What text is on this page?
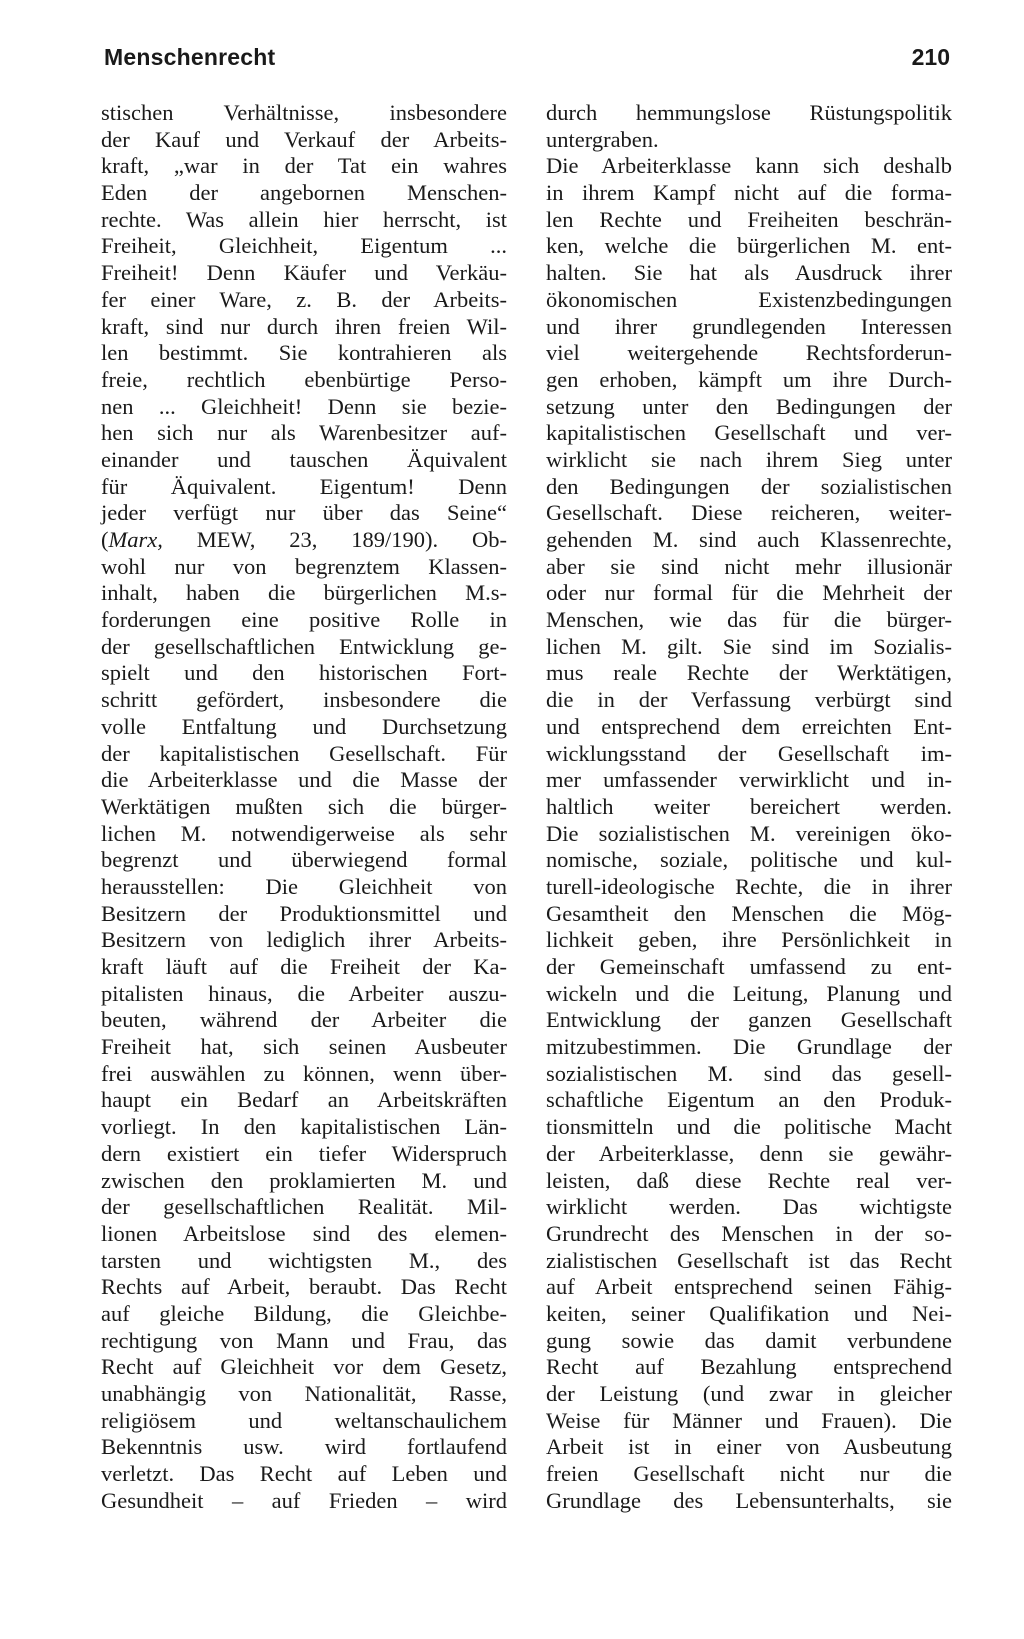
Menschenrecht	210
stischen Verhältnisse, insbesondere
der Kauf und Verkauf der Arbeits-
kraft, „war in der Tat ein wahres
Eden der angebornen Menschen-
rechte. Was allein hier herrscht, ist
Freiheit, Gleichheit, Eigentum ...
Freiheit! Denn Käufer und Verkäu-
fer einer Ware, z. B. der Arbeits-
kraft, sind nur durch ihren freien Wil-
len bestimmt. Sie kontrahieren als
freie, rechtlich ebenbürtige Perso-
nen ... Gleichheit! Denn sie bezie-
hen sich nur als Warenbesitzer auf-
einander und tauschen Äquivalent
für Äquivalent. Eigentum! Denn
jeder verfügt nur über das Seine“
(Marx, MEW, 23, 189/190). Ob-
wohl nur von begrenztem Klassen-
inhalt, haben die bürgerlichen M.s-
forderungen eine positive Rolle in
der gesellschaftlichen Entwicklung ge-
spielt und den historischen Fort-
schritt gefördert, insbesondere die
volle Entfaltung und Durchsetzung
der kapitalistischen Gesellschaft. Für
die Arbeiterklasse und die Masse der
Werktätigen mußten sich die bürger-
lichen M. notwendigerweise als sehr
begrenzt und überwiegend formal
herausstellen: Die Gleichheit von
Besitzern der Produktionsmittel und
Besitzern von lediglich ihrer Arbeits-
kraft läuft auf die Freiheit der Ka-
pitalisten hinaus, die Arbeiter auszu-
beuten, während der Arbeiter die
Freiheit hat, sich seinen Ausbeuter
frei auswählen zu können, wenn über-
haupt ein Bedarf an Arbeitskräften
vorliegt. In den kapitalistischen Län-
dern existiert ein tiefer Widerspruch
zwischen den proklamierten M. und
der gesellschaftlichen Realität. Mil-
lionen Arbeitslose sind des elemen-
tarsten und wichtigsten M., des
Rechts auf Arbeit, beraubt. Das Recht
auf gleiche Bildung, die Gleichbe-
rechtigung von Mann und Frau, das
Recht auf Gleichheit vor dem Gesetz,
unabhängig von Nationalität, Rasse,
religiösem und weltanschaulichem
Bekenntnis usw. wird fortlaufend
verletzt. Das Recht auf Leben und
Gesundheit – auf Frieden – wird
durch hemmungslose Rüstungspolitik
untergraben.
Die Arbeiterklasse kann sich deshalb
in ihrem Kampf nicht auf die forma-
len Rechte und Freiheiten beschrän-
ken, welche die bürgerlichen M. ent-
halten. Sie hat als Ausdruck ihrer
ökonomischen Existenzbedingungen
und ihrer grundlegenden Interessen
viel weitergehende Rechtsforderun-
gen erhoben, kämpft um ihre Durch-
setzung unter den Bedingungen der
kapitalistischen Gesellschaft und ver-
wirklicht sie nach ihrem Sieg unter
den Bedingungen der sozialistischen
Gesellschaft. Diese reicheren, weiter-
gehenden M. sind auch Klassenrechte,
aber sie sind nicht mehr illusionär
oder nur formal für die Mehrheit der
Menschen, wie das für die bürger-
lichen M. gilt. Sie sind im Sozialis-
mus reale Rechte der Werktätigen,
die in der Verfassung verbürgt sind
und entsprechend dem erreichten Ent-
wicklungsstand der Gesellschaft im-
mer umfassender verwirklicht und in-
haltlich weiter bereichert werden.
Die sozialistischen M. vereinigen öko-
nomische, soziale, politische und kul-
turell-ideologische Rechte, die in ihrer
Gesamtheit den Menschen die Mög-
lichkeit geben, ihre Persönlichkeit in
der Gemeinschaft umfassend zu ent-
wickeln und die Leitung, Planung und
Entwicklung der ganzen Gesellschaft
mitzubestimmen. Die Grundlage der
sozialistischen M. sind das gesell-
schaftliche Eigentum an den Produk-
tionsmitteln und die politische Macht
der Arbeiterklasse, denn sie gewähr-
leisten, daß diese Rechte real ver-
wirklicht werden. Das wichtigste
Grundrecht des Menschen in der so-
zialistischen Gesellschaft ist das Recht
auf Arbeit entsprechend seinen Fähig-
keiten, seiner Qualifikation und Nei-
gung sowie das damit verbundene
Recht auf Bezahlung entsprechend
der Leistung (und zwar in gleicher
Weise für Männer und Frauen). Die
Arbeit ist in einer von Ausbeutung
freien Gesellschaft nicht nur die
Grundlage des Lebensunterhalts, sie
